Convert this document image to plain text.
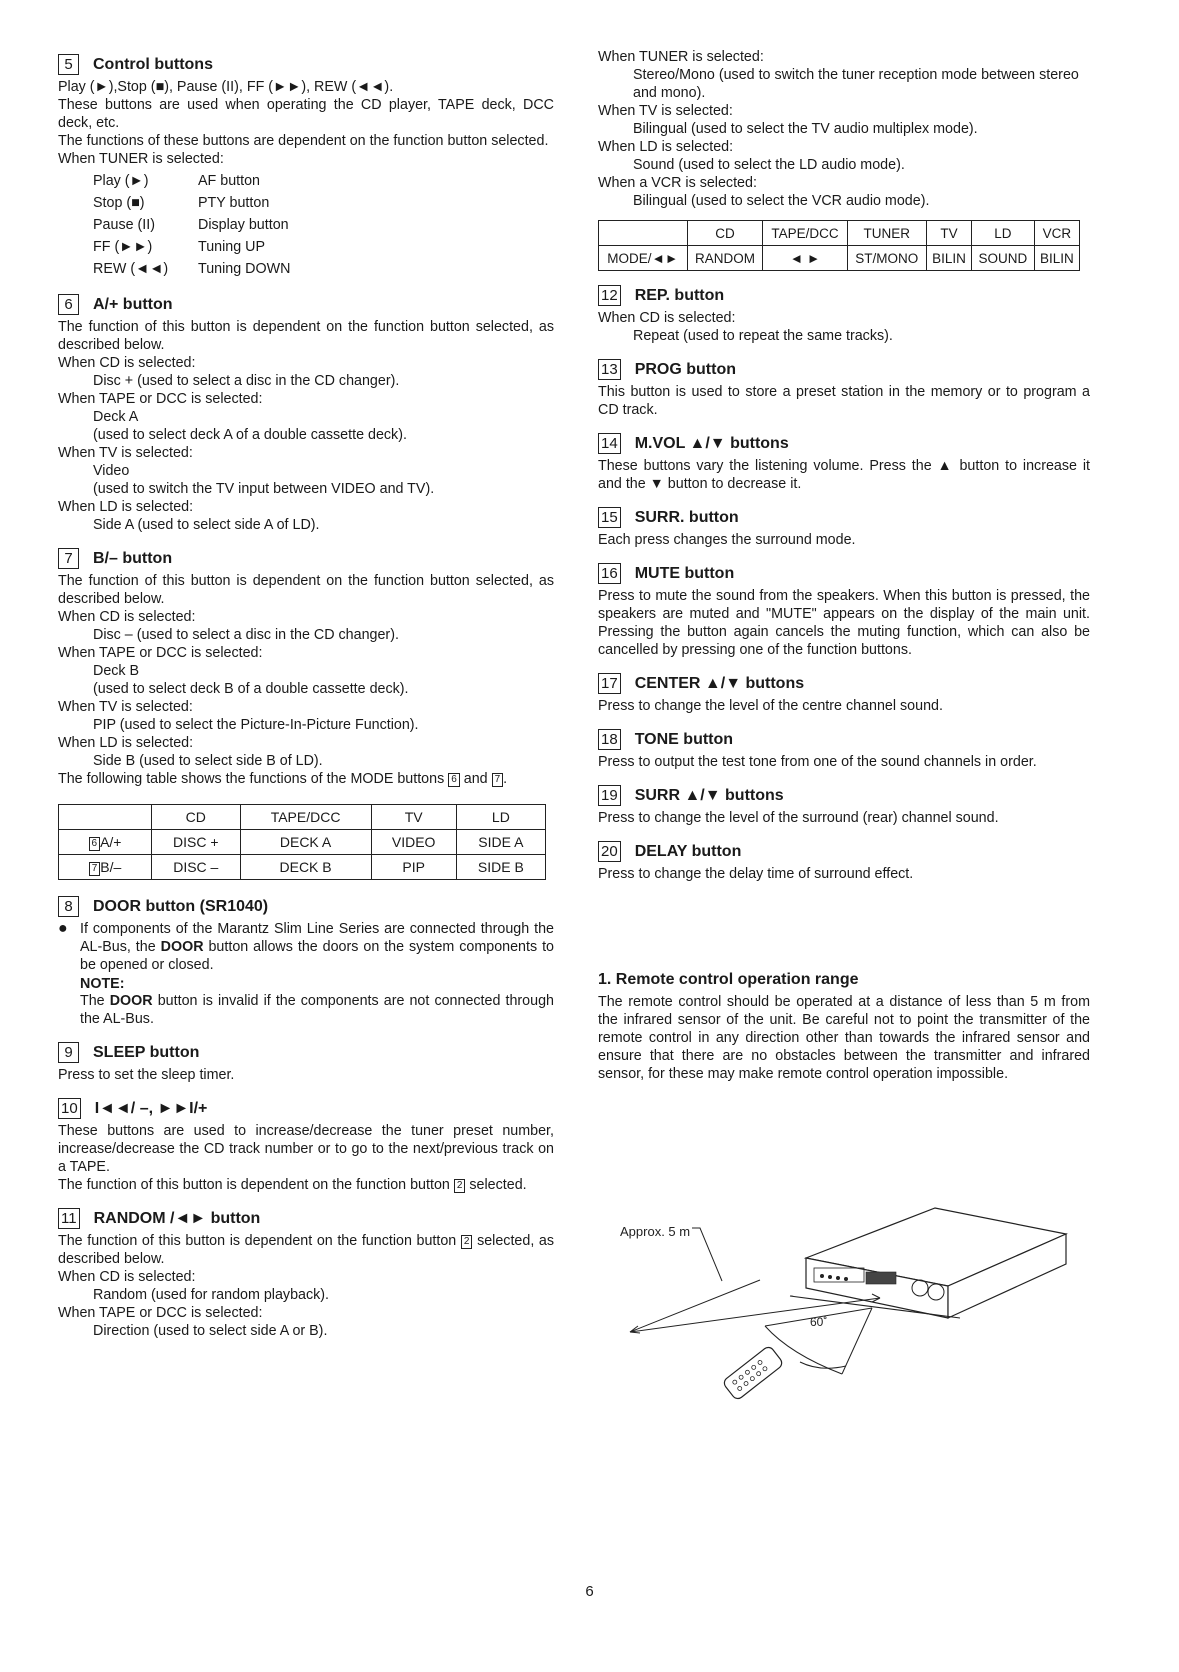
5	Control buttons

Play (►),Stop (■), Pause (II), FF (►►), REW (◄◄).

These buttons are used when operating the CD player, TAPE deck, DCC deck, etc.

The functions of these buttons are dependent on the function button selected.

When TUNER is selected:

Play (►)	AF button
Stop (■)	PTY button
Pause (II)	Display button
FF (►►)	Tuning UP
REW (◄◄)	Tuning DOWN
6	A/+ button

The function of this button is dependent on the function button selected, as described below.

When CD is selected:

Disc + (used to select a disc in the CD changer).

When TAPE or DCC is selected:

Deck A

(used to select deck A of a double cassette deck).

When TV is selected:

Video

(used to switch the TV input between VIDEO and TV).

When LD is selected:

Side A (used to select side A of LD).

7	B/– button

The function of this button is dependent on the function button selected, as described below.

When CD is selected:

Disc – (used to select a disc in the CD changer).

When TAPE or DCC is selected:

Deck B

(used to select deck B of a double cassette deck).

When TV is selected:

PIP (used to select the Picture-In-Picture Function).

When LD is selected:

Side B (used to select side B of LD).

The following table shows the functions of the MODE buttons 6 and 7 .

	CD	TAPE/DCC	TV	LD
6 A/+	DISC +	DECK A	VIDEO	SIDE A
7 B/–	DISC –	DECK B	PIP	SIDE B
8	DOOR button (SR1040)
● If components of the Marantz Slim Line Series are connected through the AL-Bus, the DOOR button allows the doors on the system components to be opened or closed.

NOTE:

The DOOR button is invalid if the components are not connected through the AL-Bus.

9	SLEEP button

Press to set the sleep timer.

10 I◄◄/ –, ►►I/+

These buttons are used to increase/decrease the tuner preset number, increase/decrease the CD track number or to go to the next/previous track on a TAPE.

The function of this button is dependent on the function button 2 selected.

11 RANDOM /◄► button

The function of this button is dependent on the function button 2 selected, as described below.

When CD is selected:

Random (used for random playback).

When TAPE or DCC is selected:

Direction (used to select side A or B).

When TUNER is selected:

Stereo/Mono (used to switch the tuner reception mode between stereo and mono).

When TV is selected:

Bilingual (used to select the TV audio multiplex mode).

When LD is selected:

Sound (used to select the LD audio mode).

When a VCR is selected:

Bilingual (used to select the VCR audio mode).

	CD	TAPE/DCC	TUNER	TV	LD	VCR
MODE/◄►	RANDOM	◄ ►	ST/MONO	BILIN	SOUND	BILIN
12 REP. button

When CD is selected:

Repeat (used to repeat the same tracks).

13 PROG button

This button is used to store a preset station in the memory or to program a CD track.

14 M.VOL ▲/▼ buttons

These buttons vary the listening volume. Press the ▲ button to increase it and the ▼ button to decrease it.

15 SURR. button

Each press changes the surround mode.

16 MUTE button

Press to mute the sound from the speakers. When this button is pressed, the speakers are muted and "MUTE" appears on the display of the main unit. Pressing the button again cancels the muting function, which can also be cancelled by pressing one of the function buttons.

17 CENTER ▲/▼ buttons

Press to change the level of the centre channel sound.

18 TONE button

Press to output the test tone from one of the sound channels in order.

19 SURR ▲/▼ buttons

Press to change the level of the surround (rear) channel sound.

20 DELAY button

Press to change the delay time of surround effect.

1. Remote control operation range

The remote control should be operated at a distance of less than 5 m from the infrared sensor of the unit. Be careful not to point the transmitter of the remote control in any direction other than towards the infrared sensor and ensure that there are no obstacles between the transmitter and infrared sensor, for these may make remote control operation impossible.

Approx. 5 m
60˚
6
